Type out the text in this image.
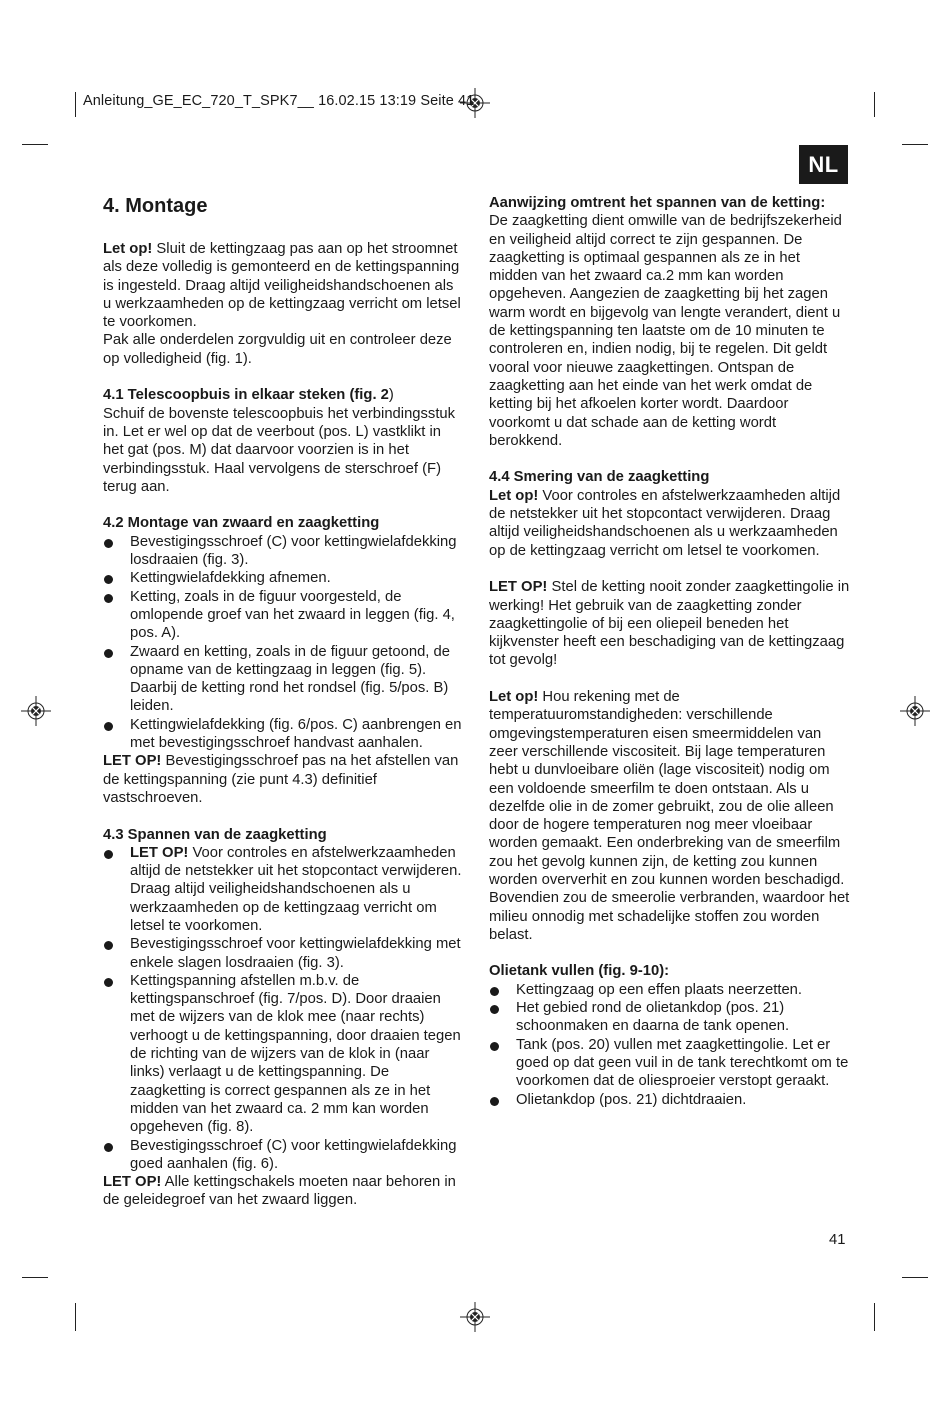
Anleitung_GE_EC_720_T_SPK7__ 16.02.15 13:19 Seite 41
NL
4. Montage

Let op! Sluit de kettingzaag pas aan op het stroomnet als deze volledig is gemonteerd en de kettingspanning is ingesteld. Draag altijd veiligheidshandschoenen als u werkzaamheden op de kettingzaag verricht om letsel te voorkomen.

Pak alle onderdelen zorgvuldig uit en controleer deze op volledigheid (fig. 1).

4.1 Telescoopbuis in elkaar steken (fig. 2)

Schuif de bovenste telescoopbuis het verbindingsstuk in. Let er wel op dat de veerbout (pos. L) vastklikt in het gat (pos. M) dat daarvoor voorzien is in het verbindingsstuk. Haal vervolgens de sterschroef (F) terug aan.

4.2 Montage van zwaard en zaagketting

Bevestigingsschroef (C) voor kettingwielafdekking losdraaien (fig. 3).
Kettingwielafdekking afnemen.
Ketting, zoals in de figuur voorgesteld, de omlopende groef van het zwaard in leggen (fig. 4, pos. A).
Zwaard en ketting, zoals in de figuur getoond, de opname van de kettingzaag in leggen (fig. 5). Daarbij de ketting rond het rondsel (fig. 5/pos. B) leiden.
Kettingwielafdekking (fig. 6/pos. C) aanbrengen en met bevestigingsschroef handvast aanhalen.

LET OP! Bevestigingsschroef pas na het afstellen van de kettingspanning (zie punt 4.3) definitief vastschroeven.

4.3 Spannen van de zaagketting

LET OP! Voor controles en afstelwerkzaamheden altijd de netstekker uit het stopcontact verwijderen. Draag altijd veiligheidshandschoenen als u werkzaamheden op de kettingzaag verricht om letsel te voorkomen.
Bevestigingsschroef voor kettingwielafdekking met enkele slagen losdraaien (fig. 3).
Kettingspanning afstellen m.b.v. de kettingspanschroef (fig. 7/pos. D). Door draaien met de wijzers van de klok mee (naar rechts) verhoogt u de kettingspanning, door draaien tegen de richting van de wijzers van de klok in (naar links) verlaagt u de kettingspanning. De zaagketting is correct gespannen als ze in het midden van het zwaard ca. 2 mm kan worden opgeheven (fig. 8).
Bevestigingsschroef (C) voor kettingwielafdekking goed aanhalen (fig. 6).

LET OP! Alle kettingschakels moeten naar behoren in de geleidegroef van het zwaard liggen.

Aanwijzing omtrent het spannen van de ketting:

De zaagketting dient omwille van de bedrijfszekerheid en veiligheid altijd correct te zijn gespannen. De zaagketting is optimaal gespannen als ze in het midden van het zwaard ca.2 mm kan worden opgeheven. Aangezien de zaagketting bij het zagen warm wordt en bijgevolg van lengte verandert, dient u de kettingspanning ten laatste om de 10 minuten te controleren en, indien nodig, bij te regelen. Dit geldt vooral voor nieuwe zaagkettingen. Ontspan de zaagketting aan het einde van het werk omdat de ketting bij het afkoelen korter wordt. Daardoor voorkomt u dat schade aan de ketting wordt berokkend.

4.4 Smering van de zaagketting

Let op! Voor controles en afstelwerkzaamheden altijd de netstekker uit het stopcontact verwijderen. Draag altijd veiligheidshandschoenen als u werkzaamheden op de kettingzaag verricht om letsel te voorkomen.

LET OP! Stel de ketting nooit zonder zaagkettingolie in werking! Het gebruik van de zaagketting zonder zaagkettingolie of bij een oliepeil beneden het kijkvenster heeft een beschadiging van de kettingzaag tot gevolg!

Let op! Hou rekening met de temperatuuromstandigheden: verschillende omgevingstemperaturen eisen smeermiddelen van zeer verschillende viscositeit. Bij lage temperaturen hebt u dunvloeibare oliën (lage viscositeit) nodig om een voldoende smeerfilm te doen ontstaan. Als u dezelfde olie in de zomer gebruikt, zou de olie alleen door de hogere temperaturen nog meer vloeibaar worden gemaakt. Een onderbreking van de smeerfilm zou het gevolg kunnen zijn, de ketting zou kunnen worden oververhit en zou kunnen worden beschadigd. Bovendien zou de smeerolie verbranden, waardoor het milieu onnodig met schadelijke stoffen zou worden belast.

Olietank vullen (fig. 9-10):

Kettingzaag op een effen plaats neerzetten.
Het gebied rond de olietankdop (pos. 21) schoonmaken en daarna de tank openen.
Tank (pos. 20) vullen met zaagkettingolie. Let er goed op dat geen vuil in de tank terechtkomt om te voorkomen dat de oliesproeier verstopt geraakt.
Olietankdop (pos. 21) dichtdraaien.
41
